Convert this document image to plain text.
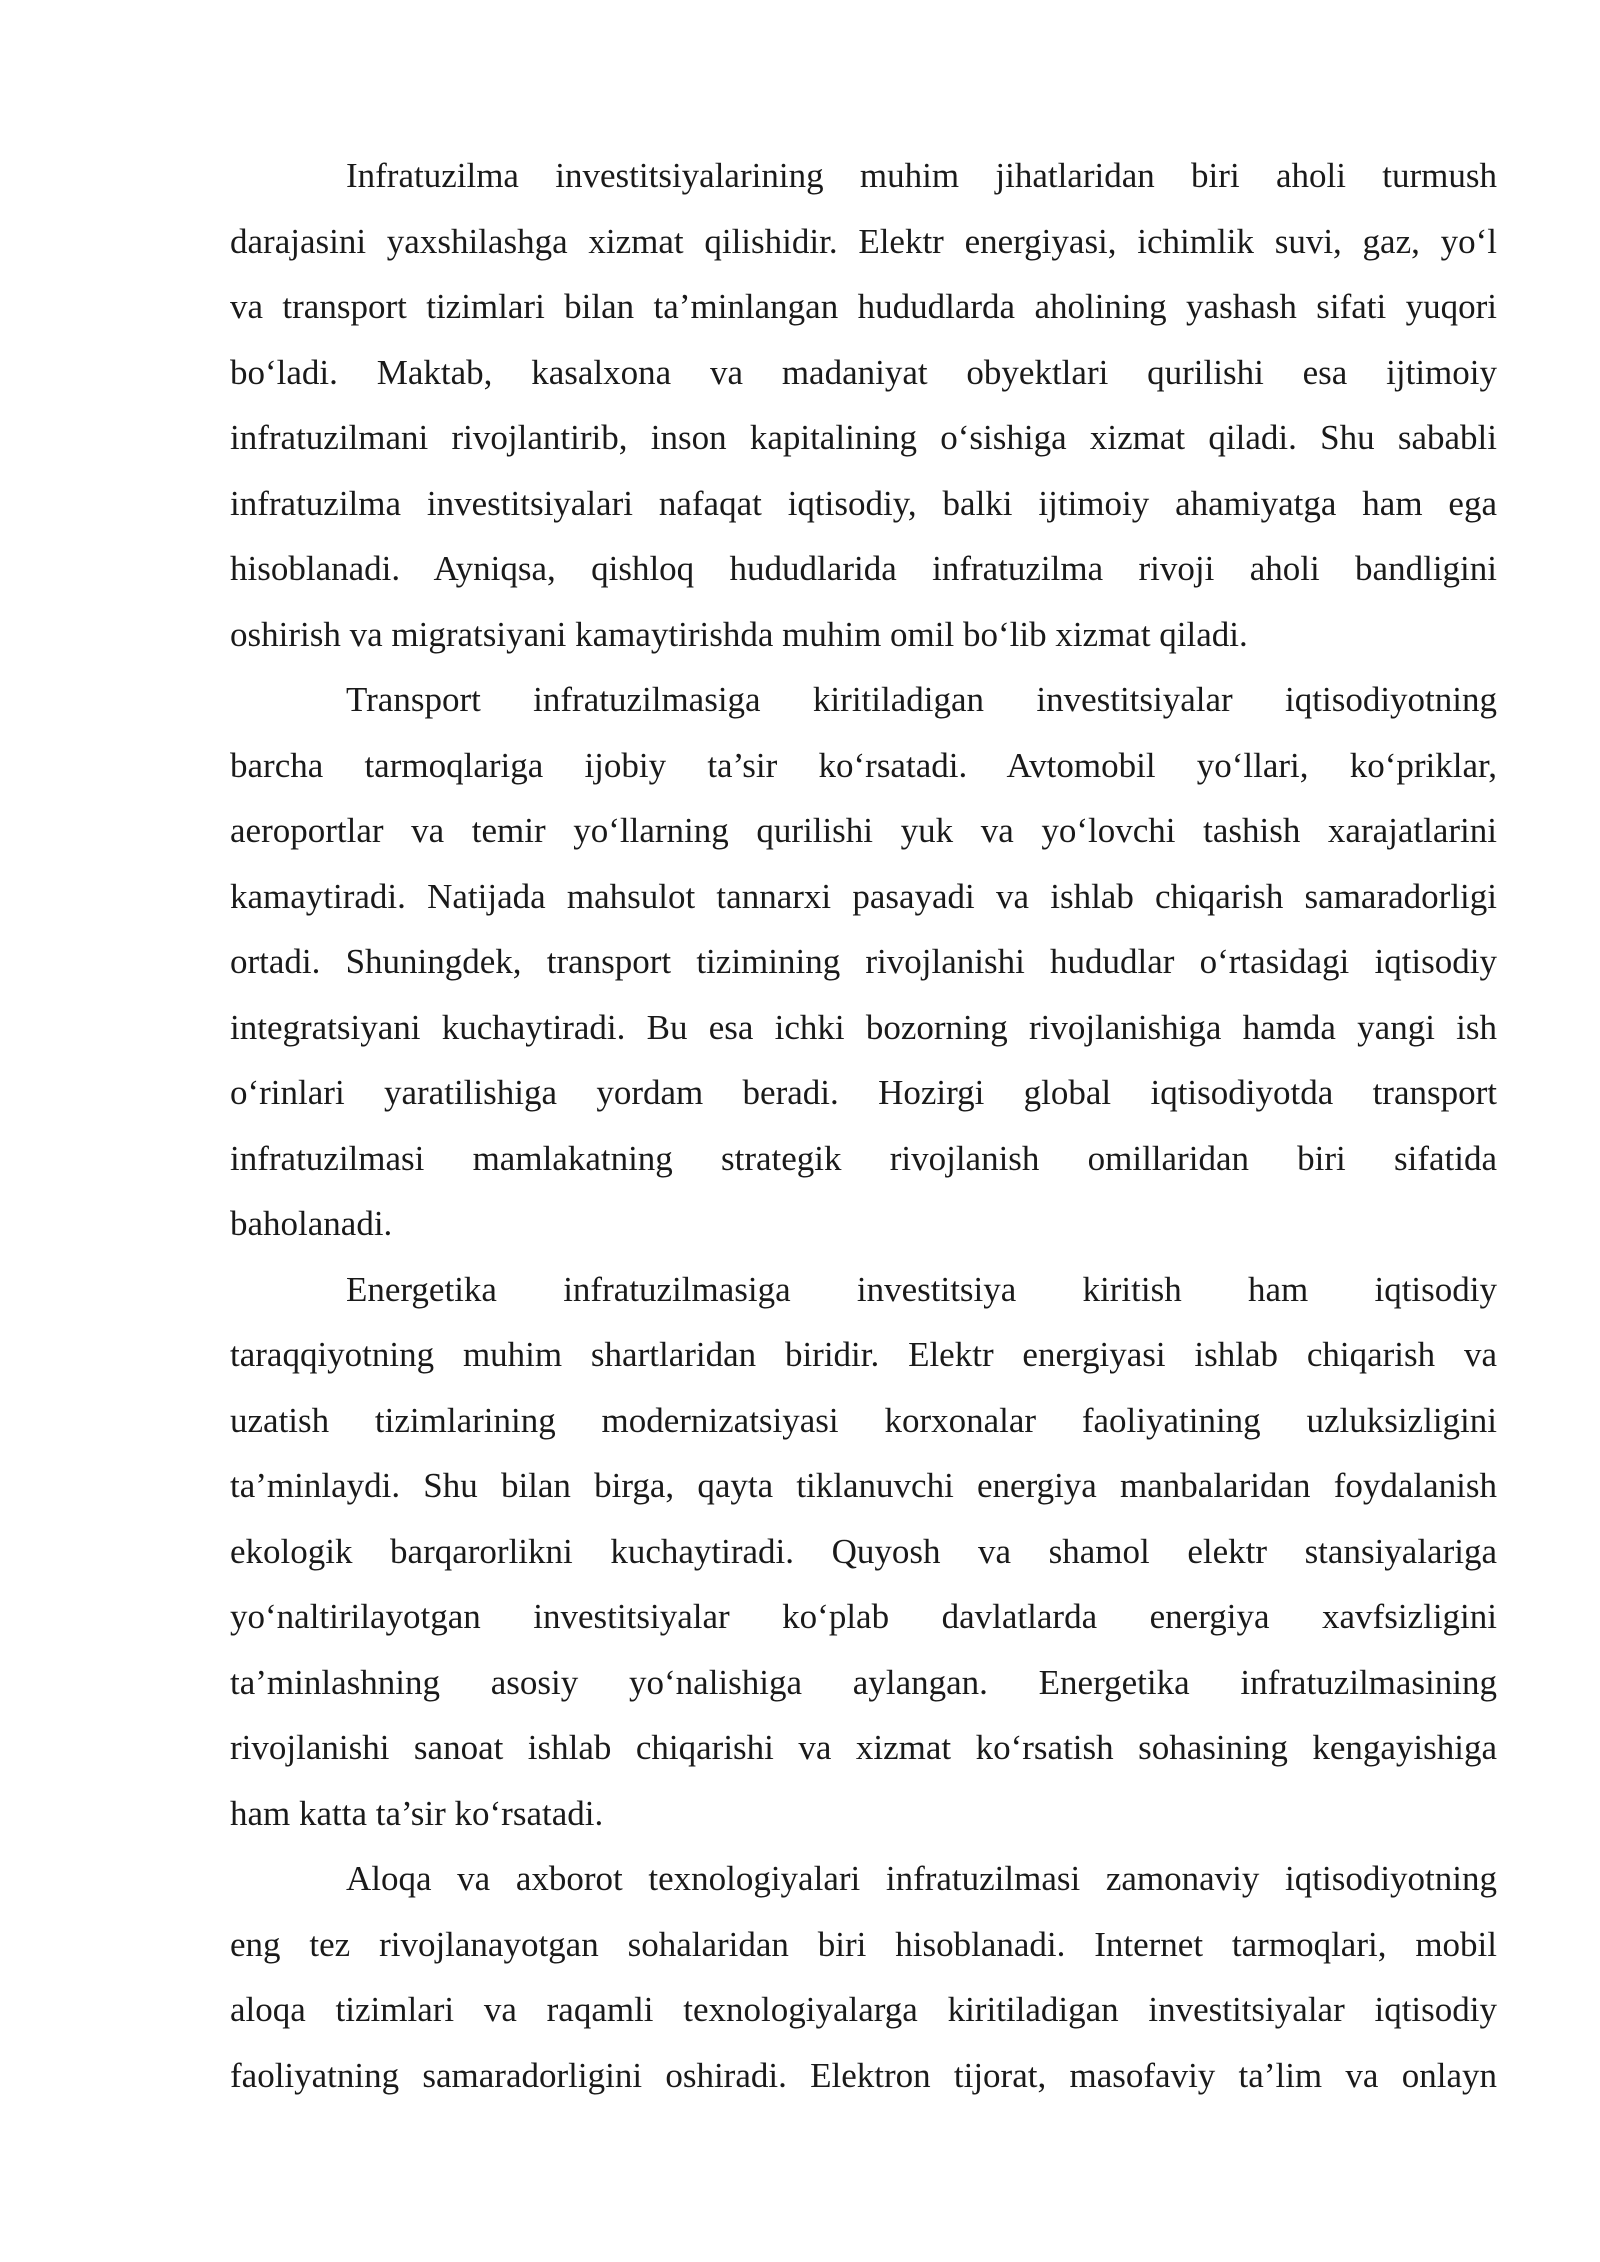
Infratuzilma investitsiyalarining muhim jihatlaridan biri aholi turmush
darajasini yaxshilashga xizmat qilishidir. Elektr energiyasi, ichimlik suvi, gaz, yo‘l
va transport tizimlari bilan ta’minlangan hududlarda aholining yashash sifati yuqori
bo‘ladi. Maktab, kasalxona va madaniyat obyektlari qurilishi esa ijtimoiy
infratuzilmani rivojlantirib, inson kapitalining o‘sishiga xizmat qiladi. Shu sababli
infratuzilma investitsiyalari nafaqat iqtisodiy, balki ijtimoiy ahamiyatga ham ega
hisoblanadi. Ayniqsa, qishloq hududlarida infratuzilma rivoji aholi bandligini
oshirish va migratsiyani kamaytirishda muhim omil bo‘lib xizmat qiladi.
Transport infratuzilmasiga kiritiladigan investitsiyalar iqtisodiyotning
barcha tarmoqlariga ijobiy ta’sir ko‘rsatadi. Avtomobil yo‘llari, ko‘priklar,
aeroportlar va temir yo‘llarning qurilishi yuk va yo‘lovchi tashish xarajatlarini
kamaytiradi. Natijada mahsulot tannarxi pasayadi va ishlab chiqarish samaradorligi
ortadi. Shuningdek, transport tizimining rivojlanishi hududlar o‘rtasidagi iqtisodiy
integratsiyani kuchaytiradi. Bu esa ichki bozorning rivojlanishiga hamda yangi ish
o‘rinlari yaratilishiga yordam beradi. Hozirgi global iqtisodiyotda transport
infratuzilmasi mamlakatning strategik rivojlanish omillaridan biri sifatida
baholanadi.
Energetika infratuzilmasiga investitsiya kiritish ham iqtisodiy
taraqqiyotning muhim shartlaridan biridir. Elektr energiyasi ishlab chiqarish va
uzatish tizimlarining modernizatsiyasi korxonalar faoliyatining uzluksizligini
ta’minlaydi. Shu bilan birga, qayta tiklanuvchi energiya manbalaridan foydalanish
ekologik barqarorlikni kuchaytiradi. Quyosh va shamol elektr stansiyalariga
yo‘naltirilayotgan investitsiyalar ko‘plab davlatlarda energiya xavfsizligini
ta’minlashning asosiy yo‘nalishiga aylangan. Energetika infratuzilmasining
rivojlanishi sanoat ishlab chiqarishi va xizmat ko‘rsatish sohasining kengayishiga
ham katta ta’sir ko‘rsatadi.
Aloqa va axborot texnologiyalari infratuzilmasi zamonaviy iqtisodiyotning
eng tez rivojlanayotgan sohalaridan biri hisoblanadi. Internet tarmoqlari, mobil
aloqa tizimlari va raqamli texnologiyalarga kiritiladigan investitsiyalar iqtisodiy
faoliyatning samaradorligini oshiradi. Elektron tijorat, masofaviy ta’lim va onlayn
